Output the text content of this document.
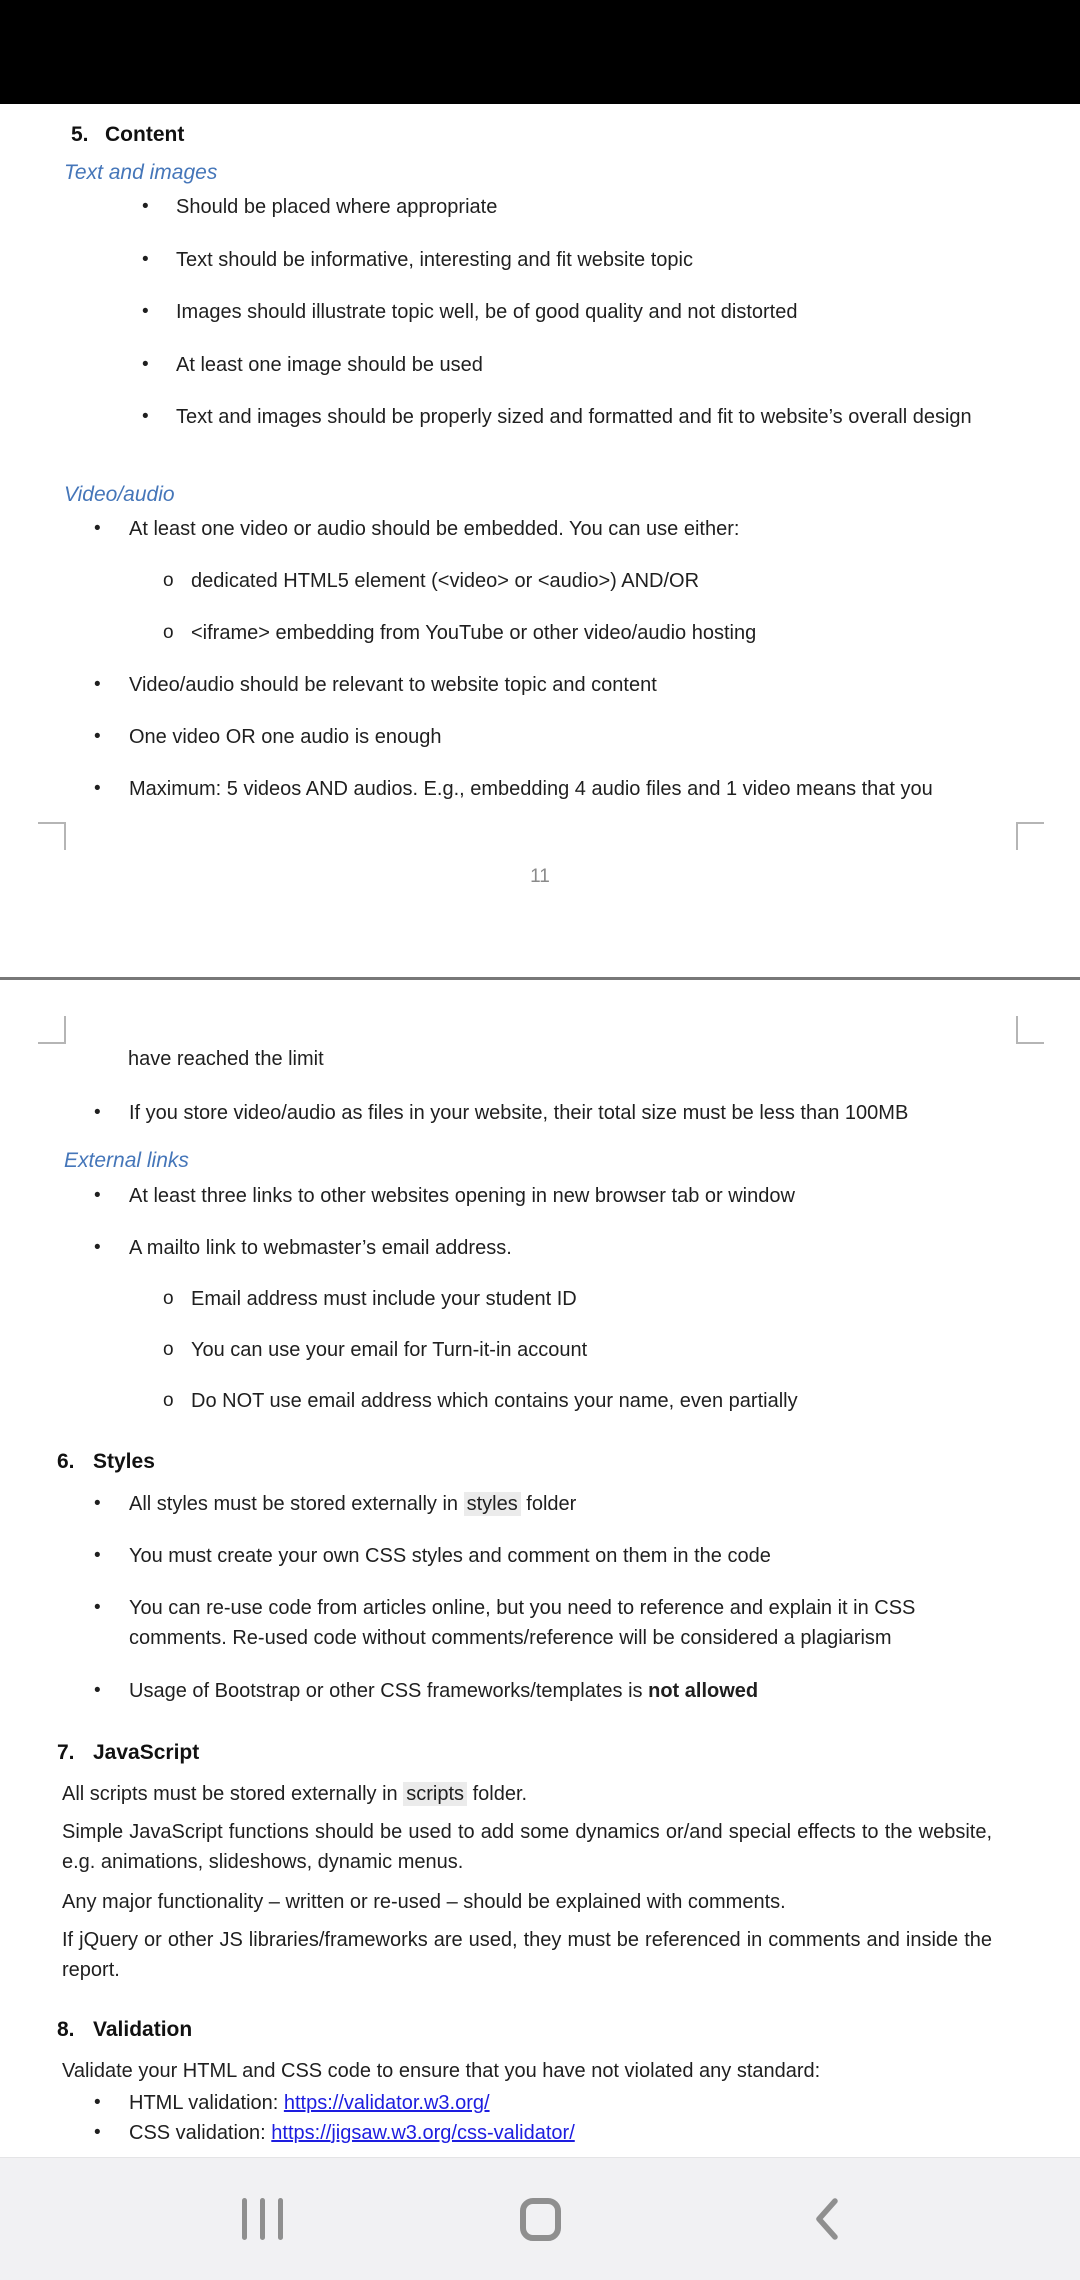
5. Content
Text and images
•	Should be placed where appropriate
•	Text should be informative, interesting and fit website topic
•	Images should illustrate topic well, be of good quality and not distorted
•	At least one image should be used
•	Text and images should be properly sized and formatted and fit to website’s overall design
Video/audio
•	At least one video or audio should be embedded. You can use either:
o dedicated HTML5 element (<video> or <audio>) AND/OR
o <iframe> embedding from YouTube or other video/audio hosting
•	Video/audio should be relevant to website topic and content
•	One video OR one audio is enough
•	Maximum: 5 videos AND audios. E.g., embedding 4 audio files and 1 video means that you
11
have reached the limit
•	If you store video/audio as files in your website, their total size must be less than 100MB
External links
•	At least three links to other websites opening in new browser tab or window
•	A mailto link to webmaster’s email address.
o Email address must include your student ID
o You can use your email for Turn-it-in account
o Do NOT use email address which contains your name, even partially
6. Styles
•	All styles must be stored externally in styles folder
•	You must create your own CSS styles and comment on them in the code
•	You can re-use code from articles online, but you need to reference and explain it in CSS comments. Re-used code without comments/reference will be considered a plagiarism
•	Usage of Bootstrap or other CSS frameworks/templates is not allowed
7. JavaScript
All scripts must be stored externally in scripts folder.
Simple JavaScript functions should be used to add some dynamics or/and special effects to the website, e.g. animations, slideshows, dynamic menus.
Any major functionality – written or re-used – should be explained with comments.
If jQuery or other JS libraries/frameworks are used, they must be referenced in comments and inside the report.
8. Validation
Validate your HTML and CSS code to ensure that you have not violated any standard:
•	HTML validation: https://validator.w3.org/
•	CSS validation: https://jigsaw.w3.org/css-validator/
